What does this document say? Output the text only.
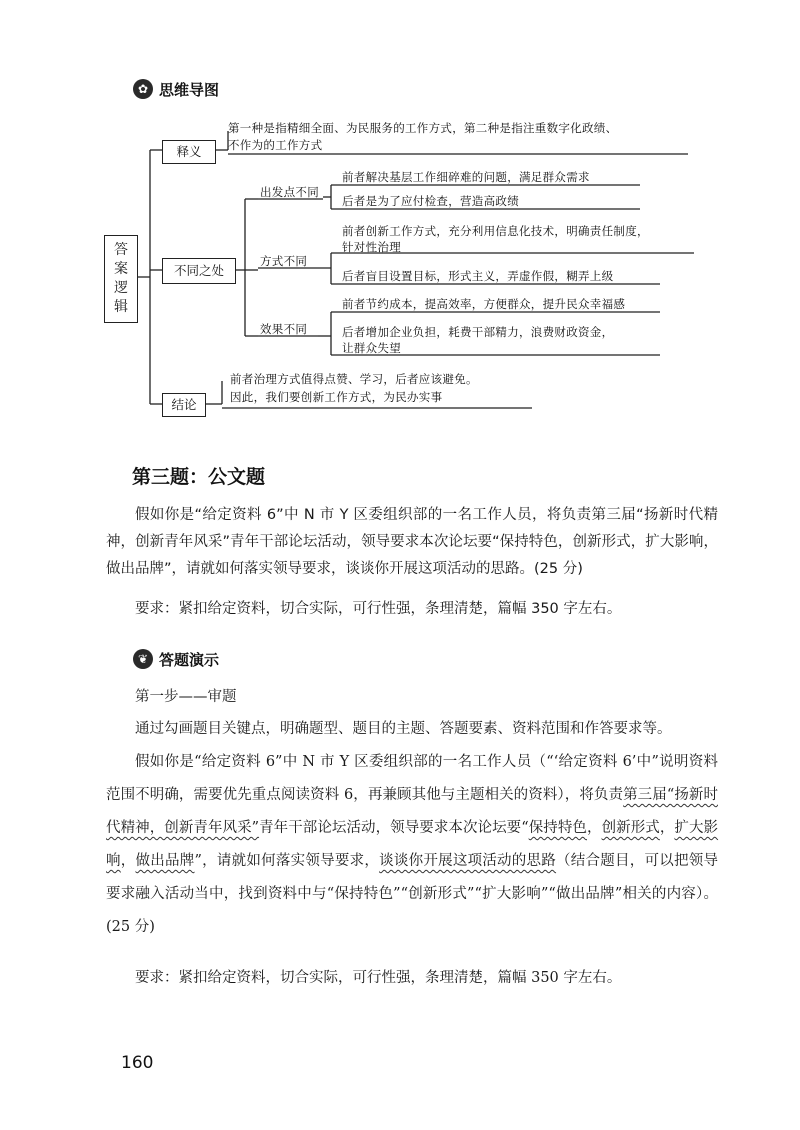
✿ 思维导图
答
案
逻
辑
释义
不同之处
结论
第一种是指精细全面、为民服务的工作方式，第二种是指注重数字化政绩、
不作为的工作方式
出发点不同
方式不同
效果不同
前者解决基层工作细碎难的问题，满足群众需求
后者是为了应付检查，营造高政绩
前者创新工作方式，充分利用信息化技术，明确责任制度，
针对性治理
后者盲目设置目标，形式主义，弄虚作假，糊弄上级
前者节约成本，提高效率，方便群众，提升民众幸福感
后者增加企业负担，耗费干部精力，浪费财政资金，
让群众失望
前者治理方式值得点赞、学习，后者应该避免。
因此，我们要创新工作方式，为民办实事
第三题：公文题
假如你是“给定资料 6”中 N 市 Y 区委组织部的一名工作人员，将负责第三届“扬新时代精神，创新青年风采”青年干部论坛活动，领导要求本次论坛要“保持特色，创新形式，扩大影响，做出品牌”，请就如何落实领导要求，谈谈你开展这项活动的思路。(25 分)
要求：紧扣给定资料，切合实际，可行性强，条理清楚，篇幅 350 字左右。
❦ 答题演示
第一步——审题
通过勾画题目关键点，明确题型、题目的主题、答题要素、资料范围和作答要求等。
假如你是“给定资料 6”中 N 市 Y 区委组织部的一名工作人员（“‘给定资料 6’中”说明资料范围不明确，需要优先重点阅读资料 6，再兼顾其他与主题相关的资料），将负责第三届“扬新时代精神，创新青年风采”青年干部论坛活动，领导要求本次论坛要“保持特色，创新形式，扩大影响，做出品牌”，请就如何落实领导要求，谈谈你开展这项活动的思路（结合题目，可以把领导要求融入活动当中，找到资料中与“保持特色”“创新形式”“扩大影响”“做出品牌”相关的内容）。(25 分)
要求：紧扣给定资料，切合实际，可行性强，条理清楚，篇幅 350 字左右。
160
